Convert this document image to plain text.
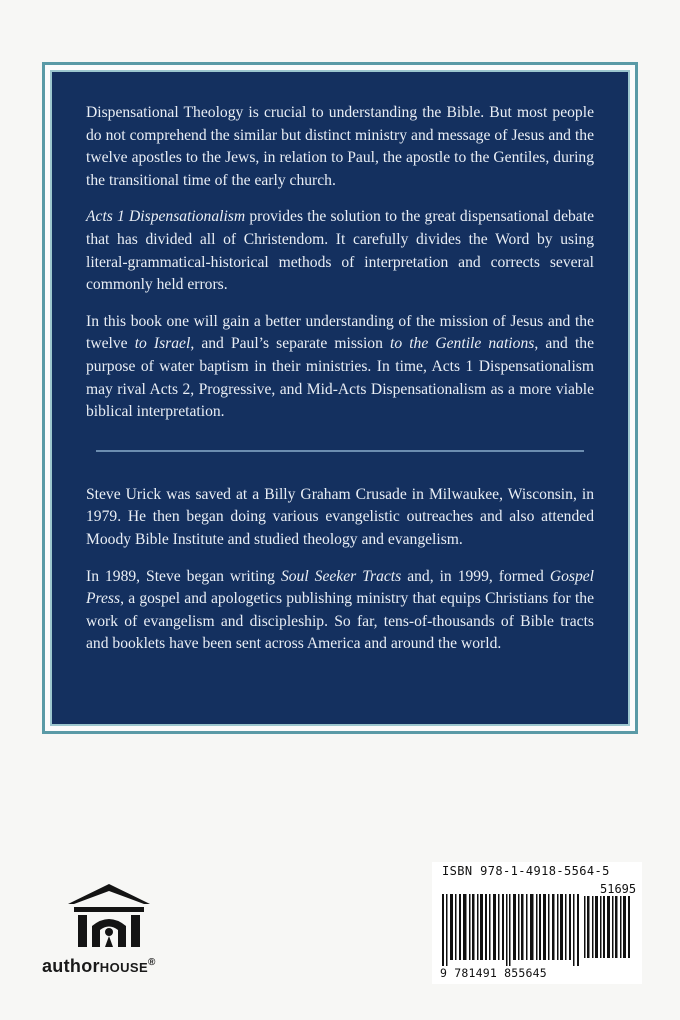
Dispensational Theology is crucial to understanding the Bible. But most people do not comprehend the similar but distinct ministry and message of Jesus and the twelve apostles to the Jews, in relation to Paul, the apostle to the Gentiles, during the transitional time of the early church.

Acts 1 Dispensationalism provides the solution to the great dispensational debate that has divided all of Christendom. It carefully divides the Word by using literal-grammatical-historical methods of interpretation and corrects several commonly held errors.

In this book one will gain a better understanding of the mission of Jesus and the twelve to Israel, and Paul’s separate mission to the Gentile nations, and the purpose of water baptism in their ministries. In time, Acts 1 Dispensationalism may rival Acts 2, Progressive, and Mid-Acts Dispensationalism as a more viable biblical interpretation.

Steve Urick was saved at a Billy Graham Crusade in Milwaukee, Wisconsin, in 1979. He then began doing various evangelistic outreaches and also attended Moody Bible Institute and studied theology and evangelism.

In 1989, Steve began writing Soul Seeker Tracts and, in 1999, formed Gospel Press, a gospel and apologetics publishing ministry that equips Christians for the work of evangelism and discipleship. So far, tens-of-thousands of Bible tracts and booklets have been sent across America and around the world.

authorHOUSE®
ISBN 978-1-4918-5564-5
51695
9 781491 855645
